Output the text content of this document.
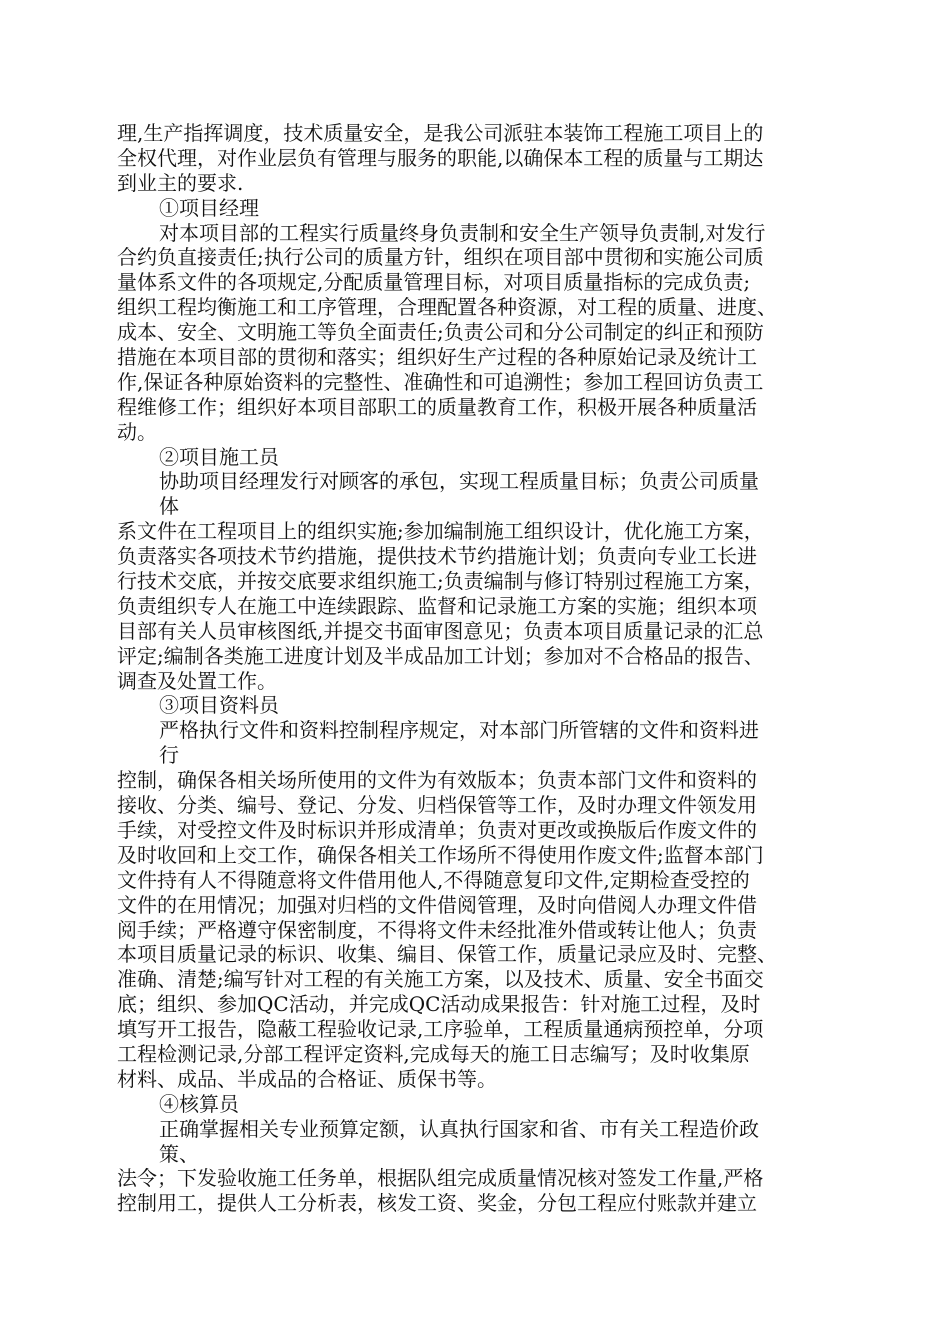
理,生产指挥调度，技术质量安全，是我公司派驻本装饰工程施工项目上的
全权代理，对作业层负有管理与服务的职能,以确保本工程的质量与工期达
到业主的要求.
①项目经理
对本项目部的工程实行质量终身负责制和安全生产领导负责制,对发行
合约负直接责任;执行公司的质量方针，组织在项目部中贯彻和实施公司质
量体系文件的各项规定,分配质量管理目标，对项目质量指标的完成负责;
组织工程均衡施工和工序管理，合理配置各种资源，对工程的质量、进度、
成本、安全、文明施工等负全面责任;负责公司和分公司制定的纠正和预防
措施在本项目部的贯彻和落实；组织好生产过程的各种原始记录及统计工
作,保证各种原始资料的完整性、准确性和可追溯性；参加工程回访负责工
程维修工作；组织好本项目部职工的质量教育工作，积极开展各种质量活
动。
②项目施工员
协助项目经理发行对顾客的承包，实现工程质量目标；负责公司质量
体
系文件在工程项目上的组织实施;参加编制施工组织设计，优化施工方案，
负责落实各项技术节约措施，提供技术节约措施计划；负责向专业工长进
行技术交底，并按交底要求组织施工;负责编制与修订特别过程施工方案，
负责组织专人在施工中连续跟踪、监督和记录施工方案的实施；组织本项
目部有关人员审核图纸,并提交书面审图意见；负责本项目质量记录的汇总
评定;编制各类施工进度计划及半成品加工计划；参加对不合格品的报告、
调查及处置工作。
③项目资料员
严格执行文件和资料控制程序规定，对本部门所管辖的文件和资料进
行
控制，确保各相关场所使用的文件为有效版本；负责本部门文件和资料的
接收、分类、编号、登记、分发、归档保管等工作，及时办理文件领发用
手续，对受控文件及时标识并形成清单；负责对更改或换版后作废文件的
及时收回和上交工作，确保各相关工作场所不得使用作废文件;监督本部门
文件持有人不得随意将文件借用他人,不得随意复印文件,定期检查受控的
文件的在用情况；加强对归档的文件借阅管理，及时向借阅人办理文件借
阅手续；严格遵守保密制度，不得将文件未经批准外借或转让他人；负责
本项目质量记录的标识、收集、编目、保管工作，质量记录应及时、完整、
准确、清楚;编写针对工程的有关施工方案，以及技术、质量、安全书面交
底；组织、参加QC活动，并完成QC活动成果报告：针对施工过程，及时
填写开工报告，隐蔽工程验收记录,工序验单，工程质量通病预控单，分项
工程检测记录,分部工程评定资料,完成每天的施工日志编写；及时收集原
材料、成品、半成品的合格证、质保书等。
④核算员
正确掌握相关专业预算定额，认真执行国家和省、市有关工程造价政
策、
法令；下发验收施工任务单，根据队组完成质量情况核对签发工作量,严格
控制用工，提供人工分析表，核发工资、奖金，分包工程应付账款并建立
